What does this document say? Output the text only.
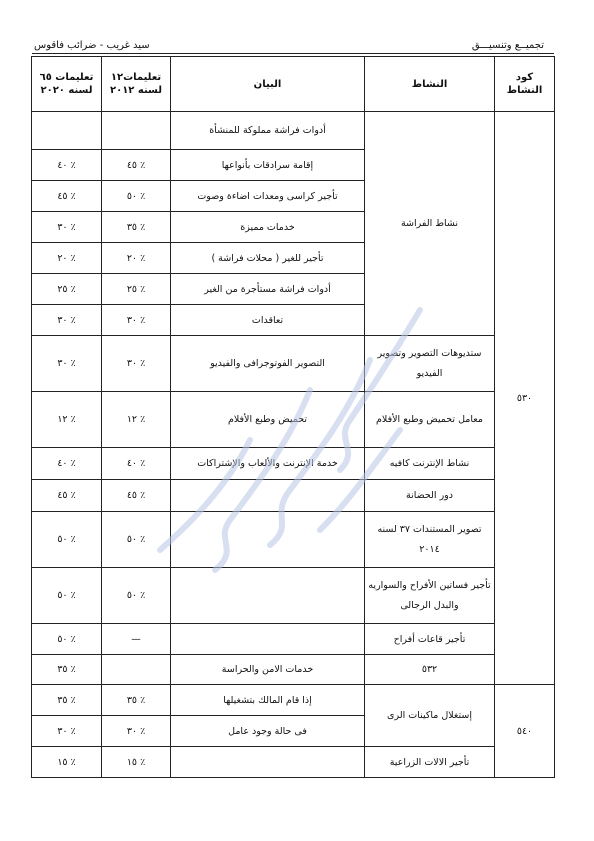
سيد غريب - ضرائب فاقوس	تجميــع وتنسيـــق
كود النشاط	النشاط	البيان	تعليمات١٢ لسنه ٢٠١٢	تعليمات ٦٥ لسنه ٢٠٢٠	
٥٣٠	نشاط الفراشة	أدوات فراشة مملوكة للمنشأة			
		إقامة سرادقات بأنواعها	٪ ٤٥	٪ ٤٠	
		تأجير كراسى ومعدات اضاءة وصوت	٪ ٥٠	٪ ٤٥	
		خدمات مميزة	٪ ٣٥	٪ ٣٠	
		تأجير للغير ( محلات فراشة )	٪ ٢٠	٪ ٢٠	
		أدوات فراشة مستأجرة من الغير	٪ ٢٥	٪ ٢٥	
		تعاقدات	٪ ٣٠	٪ ٣٠	
	ستديوهات التصوير وتصوير الفيديو	التصوير الفوتوجرافى والفيديو	٪ ٣٠	٪ ٣٠	
	معامل تحميض وطبع الأفلام	تحميض وطبع الأفلام	٪ ١٢	٪ ١٢	
	نشاط الإنترنت كافيه	خدمة الإنترنت والألعاب والإشتراكات	٪ ٤٠	٪ ٤٠	
	دور الحضانة		٪ ٤٥	٪ ٤٥	
	تصوير المستندات ٣٧ لسنه ٢٠١٤		٪ ٥٠	٪ ٥٠	
	تأجير فساتين الأفراح والسواريه والبدل الرجالى		٪ ٥٠	٪ ٥٠	
	تأجير قاعات أفراح		—	٪ ٥٠	
	٥٣٢	خدمات الامن والحراسة		٪ ٣٥	
٥٤٠	إستغلال ماكينات الرى	إذا قام المالك بتشغيلها	٪ ٣٥	٪ ٣٥	
		فى حالة وجود عامل	٪ ٣٠	٪ ٣٠	
	تأجير الالات الزراعية		٪ ١٥	٪ ١٥	
